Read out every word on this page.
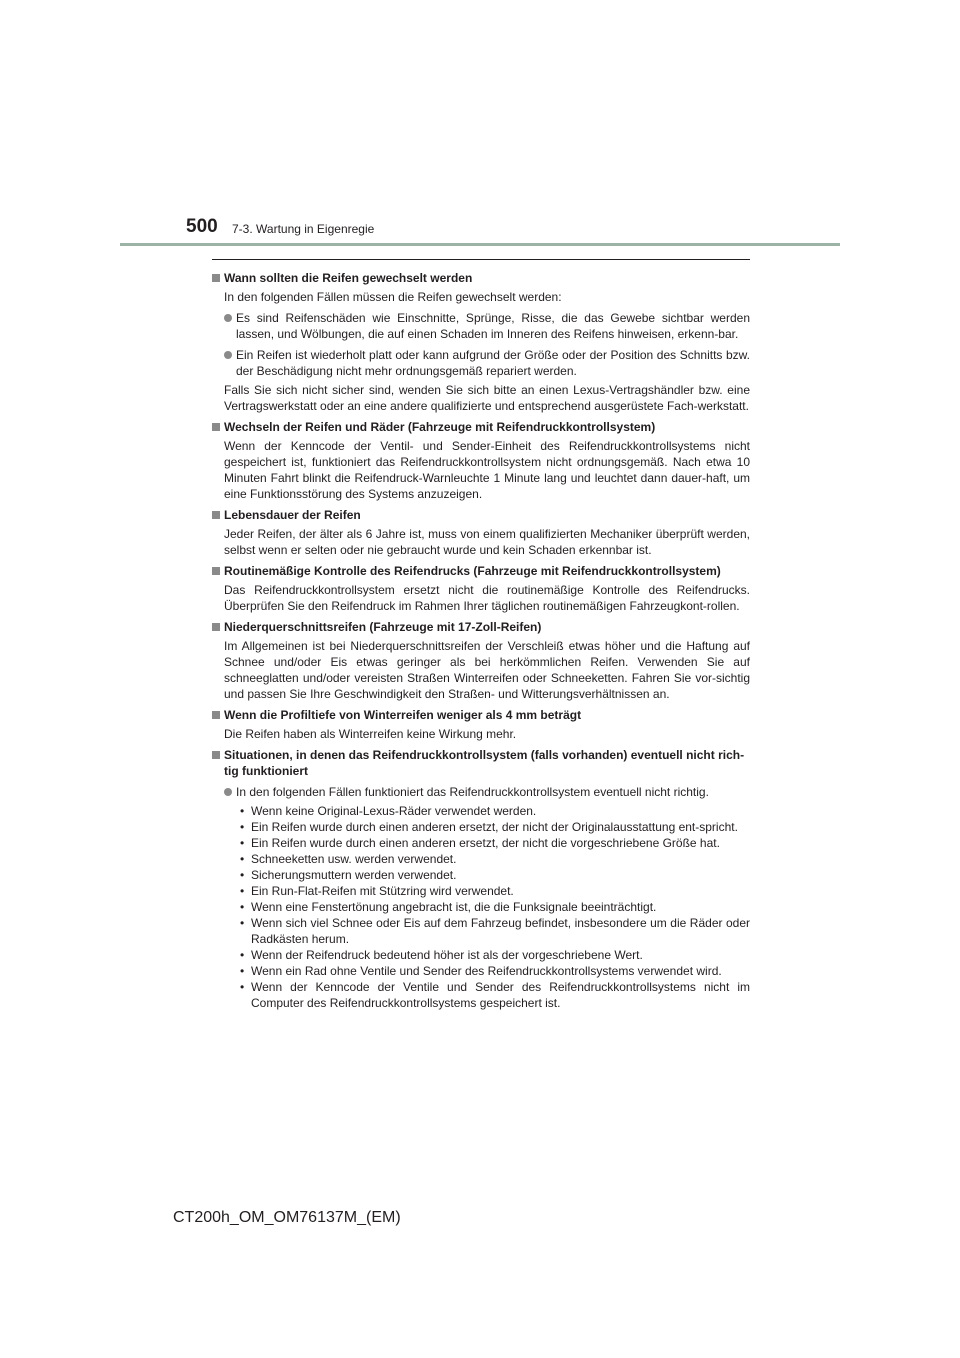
500 7-3. Wartung in Eigenregie
Wann sollten die Reifen gewechselt werden
In den folgenden Fällen müssen die Reifen gewechselt werden:
Es sind Reifenschäden wie Einschnitte, Sprünge, Risse, die das Gewebe sichtbar werden lassen, und Wölbungen, die auf einen Schaden im Inneren des Reifens hinweisen, erkenn-bar.
Ein Reifen ist wiederholt platt oder kann aufgrund der Größe oder der Position des Schnitts bzw. der Beschädigung nicht mehr ordnungsgemäß repariert werden.
Falls Sie sich nicht sicher sind, wenden Sie sich bitte an einen Lexus-Vertragshändler bzw. eine Vertragswerkstatt oder an eine andere qualifizierte und entsprechend ausgerüstete Fach-werkstatt.
Wechseln der Reifen und Räder (Fahrzeuge mit Reifendruckkontrollsystem)
Wenn der Kenncode der Ventil- und Sender-Einheit des Reifendruckkontrollsystems nicht gespeichert ist, funktioniert das Reifendruckkontrollsystem nicht ordnungsgemäß. Nach etwa 10 Minuten Fahrt blinkt die Reifendruck-Warnleuchte 1 Minute lang und leuchtet dann dauer-haft, um eine Funktionsstörung des Systems anzuzeigen.
Lebensdauer der Reifen
Jeder Reifen, der älter als 6 Jahre ist, muss von einem qualifizierten Mechaniker überprüft werden, selbst wenn er selten oder nie gebraucht wurde und kein Schaden erkennbar ist.
Routinemäßige Kontrolle des Reifendrucks (Fahrzeuge mit Reifendruckkontrollsystem)
Das Reifendruckkontrollsystem ersetzt nicht die routinemäßige Kontrolle des Reifendrucks. Überprüfen Sie den Reifendruck im Rahmen Ihrer täglichen routinemäßigen Fahrzeugkont-rollen.
Niederquerschnittsreifen (Fahrzeuge mit 17-Zoll-Reifen)
Im Allgemeinen ist bei Niederquerschnittsreifen der Verschleiß etwas höher und die Haftung auf Schnee und/oder Eis etwas geringer als bei herkömmlichen Reifen. Verwenden Sie auf schneeglatten und/oder vereisten Straßen Winterreifen oder Schneeketten. Fahren Sie vor-sichtig und passen Sie Ihre Geschwindigkeit den Straßen- und Witterungsverhältnissen an.
Wenn die Profiltiefe von Winterreifen weniger als 4 mm beträgt
Die Reifen haben als Winterreifen keine Wirkung mehr.
Situationen, in denen das Reifendruckkontrollsystem (falls vorhanden) eventuell nicht rich-tig funktioniert
In den folgenden Fällen funktioniert das Reifendruckkontrollsystem eventuell nicht richtig.
• Wenn keine Original-Lexus-Räder verwendet werden.
• Ein Reifen wurde durch einen anderen ersetzt, der nicht der Originalausstattung ent-spricht.
• Ein Reifen wurde durch einen anderen ersetzt, der nicht die vorgeschriebene Größe hat.
• Schneeketten usw. werden verwendet.
• Sicherungsmuttern werden verwendet.
• Ein Run-Flat-Reifen mit Stützring wird verwendet.
• Wenn eine Fenstertönung angebracht ist, die die Funksignale beeinträchtigt.
• Wenn sich viel Schnee oder Eis auf dem Fahrzeug befindet, insbesondere um die Räder oder Radkästen herum.
• Wenn der Reifendruck bedeutend höher ist als der vorgeschriebene Wert.
• Wenn ein Rad ohne Ventile und Sender des Reifendruckkontrollsystems verwendet wird.
• Wenn der Kenncode der Ventile und Sender des Reifendruckkontrollsystems nicht im Computer des Reifendruckkontrollsystems gespeichert ist.
CT200h_OM_OM76137M_(EM)
